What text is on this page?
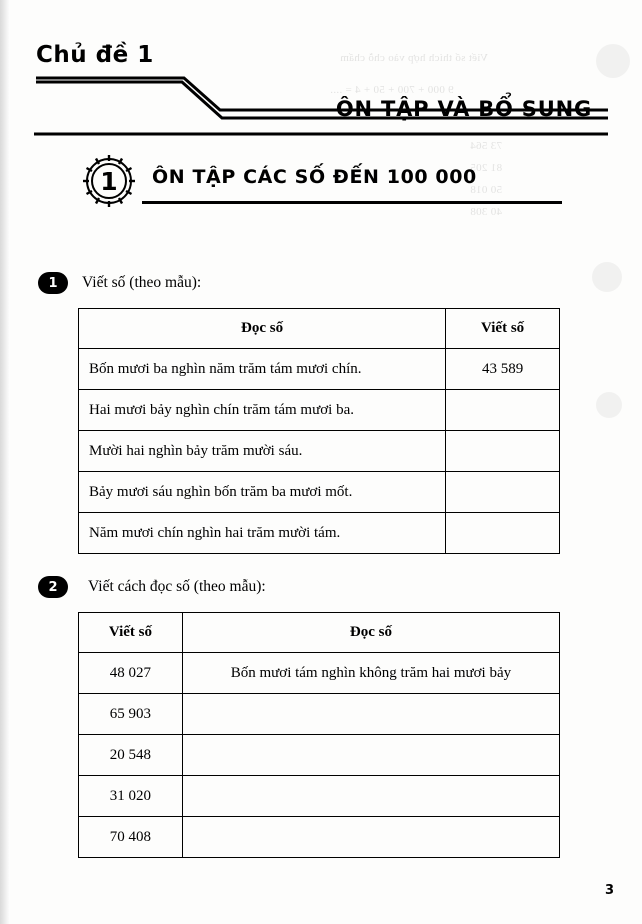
Viết số thích hợp vào chỗ chấm
9 000 + 700 + 50 + 4 = ....
73 564
81 205
50 018
40 308
Chủ đề 1
ÔN TẬP VÀ BỔ SUNG
1	ÔN TẬP CÁC SỐ ĐẾN 100 000
1	Viết số (theo mẫu):
Đọc số	Viết số
Bốn mươi ba nghìn năm trăm tám mươi chín.	43 589
Hai mươi bảy nghìn chín trăm tám mươi ba.	
Mười hai nghìn bảy trăm mười sáu.	
Bảy mươi sáu nghìn bốn trăm ba mươi mốt.	
Năm mươi chín nghìn hai trăm mười tám.	
2	Viết cách đọc số (theo mẫu):
Viết số	Đọc số
48 027	Bốn mươi tám nghìn không trăm hai mươi bảy
65 903	
20 548	
31 020	
70 408	
3
